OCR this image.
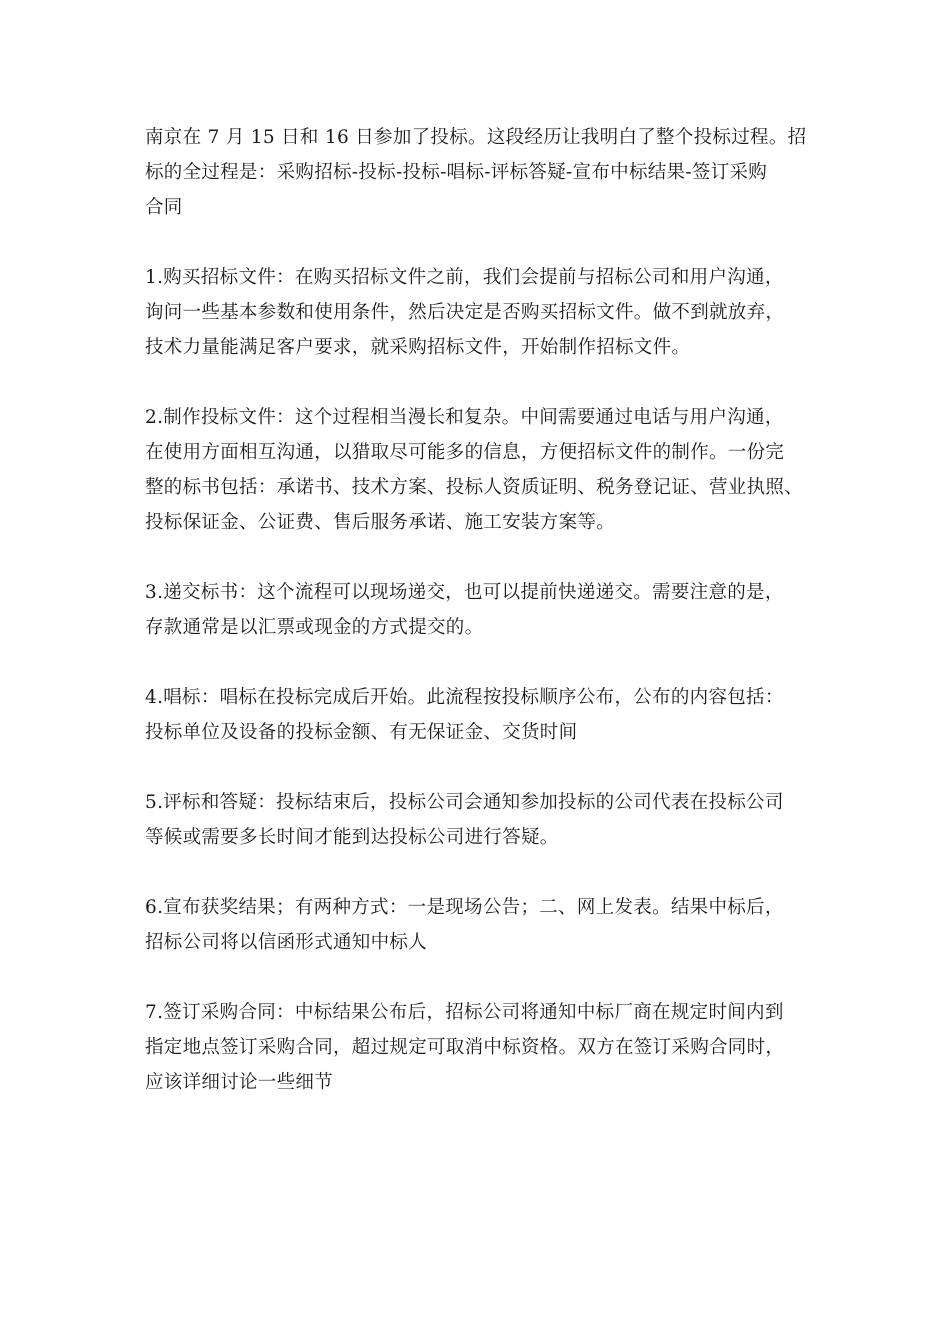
南京在 7 月 15 日和 16 日参加了投标。这段经历让我明白了整个投标过程。招
标的全过程是：采购招标-投标-投标-唱标-评标答疑-宣布中标结果-签订采购
合同

1.购买招标文件：在购买招标文件之前，我们会提前与招标公司和用户沟通，
询问一些基本参数和使用条件，然后决定是否购买招标文件。做不到就放弃，
技术力量能满足客户要求，就采购招标文件，开始制作招标文件。

2.制作投标文件：这个过程相当漫长和复杂。中间需要通过电话与用户沟通，
在使用方面相互沟通，以猎取尽可能多的信息，方便招标文件的制作。一份完
整的标书包括：承诺书、技术方案、投标人资质证明、税务登记证、营业执照、
投标保证金、公证费、售后服务承诺、施工安装方案等。

3.递交标书：这个流程可以现场递交，也可以提前快递递交。需要注意的是，
存款通常是以汇票或现金的方式提交的。

4.唱标：唱标在投标完成后开始。此流程按投标顺序公布，公布的内容包括：
投标单位及设备的投标金额、有无保证金、交货时间

5.评标和答疑：投标结束后，投标公司会通知参加投标的公司代表在投标公司
等候或需要多长时间才能到达投标公司进行答疑。

6.宣布获奖结果；有两种方式：一是现场公告；二、网上发表。结果中标后，
招标公司将以信函形式通知中标人

7.签订采购合同：中标结果公布后，招标公司将通知中标厂商在规定时间内到
指定地点签订采购合同，超过规定可取消中标资格。双方在签订采购合同时，
应该详细讨论一些细节
